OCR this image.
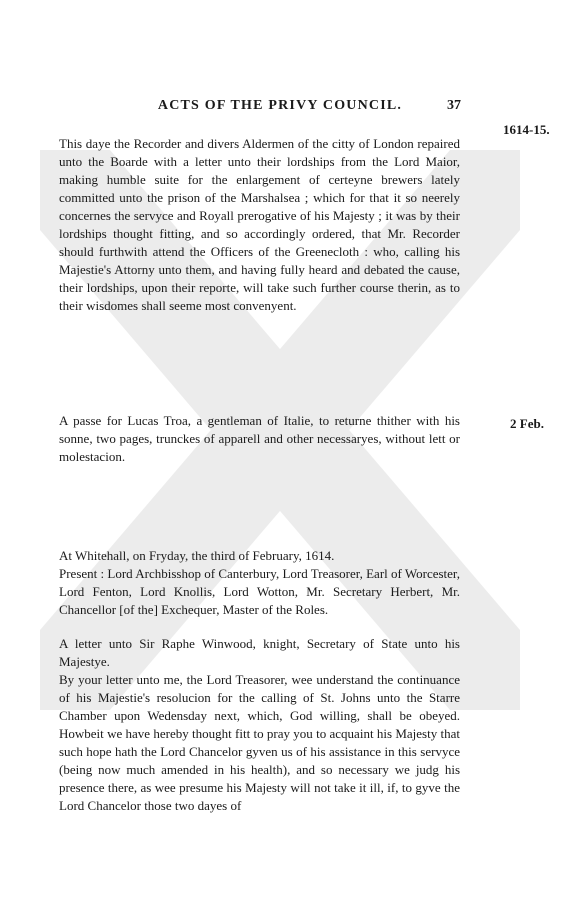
ACTS OF THE PRIVY COUNCIL.	37
1614-15.

This daye the Recorder and divers Aldermen of the citty of London repaired unto the Boarde with a letter unto their lordships from the Lord Maior, making humble suite for the enlargement of certeyne brewers lately committed unto the prison of the Marshalsea ; which for that it so neerely concernes the servyce and Royall prerogative of his Majesty ; it was by their lordships thought fitting, and so accordingly ordered, that Mr. Recorder should furthwith attend the Officers of the Greenecloth : who, calling his Majestie's Attorny unto them, and having fully heard and debated the cause, their lordships, upon their reporte, will take such further course therin, as to their wisdomes shall seeme most convenyent.

2 Feb.

A passe for Lucas Troa, a gentleman of Italie, to returne thither with his sonne, two pages, trunckes of apparell and other necessaryes, without lett or molestacion.

At Whitehall, on Fryday, the third of February, 1614.

Present : Lord Archbisshop of Canterbury, Lord Treasorer, Earl of Worcester, Lord Fenton, Lord Knollis, Lord Wotton, Mr. Secretary Herbert, Mr. Chancellor [of the] Exchequer, Master of the Roles.

A letter unto Sir Raphe Winwood, knight, Secretary of State unto his Majestye.

By your letter unto me, the Lord Treasorer, wee understand the continuance of his Majestie's resolucion for the calling of St. Johns unto the Starre Chamber upon Wedensday next, which, God willing, shall be obeyed. Howbeit we have hereby thought fitt to pray you to acquaint his Majesty that such hope hath the Lord Chancelor gyven us of his assistance in this servyce (being now much amended in his health), and so necessary we judg his presence there, as wee presume his Majesty will not take it ill, if, to gyve the Lord Chancelor those two dayes of
